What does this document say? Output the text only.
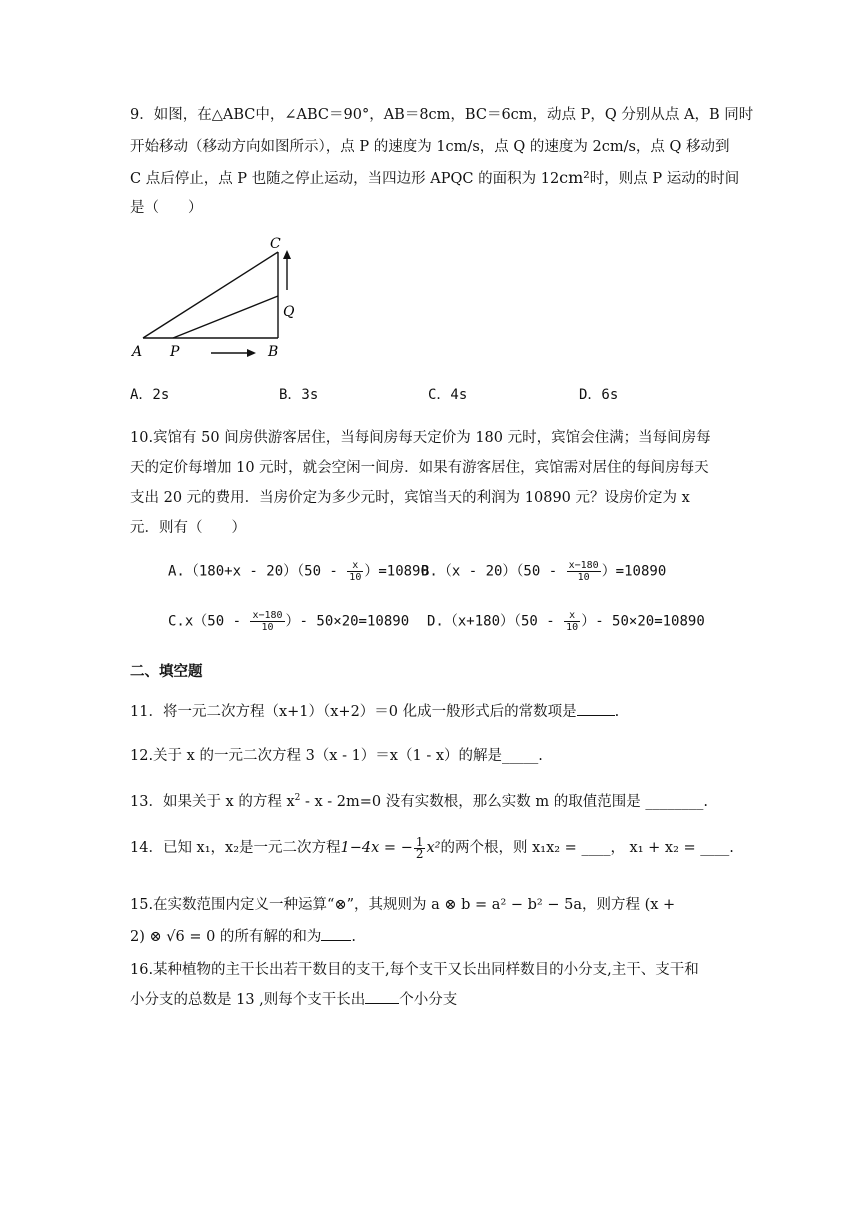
9．如图，在△ABC中，∠ABC＝90°，AB＝8cm，BC＝6cm，动点 P，Q 分别从点 A，B 同时
开始移动（移动方向如图所示），点 P 的速度为 1cm/s，点 Q 的速度为 2cm/s，点 Q 移动到
C 点后停止，点 P 也随之停止运动，当四边形 APQC 的面积为 12cm²时，则点 P 运动的时间
是（　　）
A P	B
C
Q
A．2s	B．3s	C．4s	D．6s
10.宾馆有 50 间房供游客居住，当每间房每天定价为 180 元时，宾馆会住满；当每间房每
天的定价每增加 10 元时，就会空闲一间房．如果有游客居住，宾馆需对居住的每间房每天
支出 20 元的费用．当房价定为多少元时，宾馆当天的利润为 10890 元？设房价定为 x
元．则有（　　）
$A.(180+x - 20)(50 - \frac{x}{10} )=10890$
$B.(x - 20)(50 - \frac{x-180}{10} )=10890$
$C.x(50 - \frac{x-180}{10}$ ）- 50×20=10890 $D.(x+180)(50 - \frac{x}{10}$ ）- 50×20=10890
二、填空题
11．将一元二次方程（x+1）（x+2）＝0 化成一般形式后的常数项是	.
12.关于 x 的一元二次方程 3（x - 1）＝x（1 - x）的解是_____.
13．如果关于 x 的方程 $x^2 - x - 2m=0$ 没有实数根，那么实数 m 的取值范围是 ________.
14．已知 x₁，x₂是一元二次方程1−4x = − $\frac{1}{2} x^2$的两个根，则 x₁x₂ = ____， x₁ + x₂ = ____.
15.在实数范围内定义一种运算“⊗”，其规则为 a ⊗ b = a² − b² − 5a，则方程 (x +
2) ⊗ √6 = 0 的所有解的和为 .
16.某种植物的主干长出若干数目的支干,每个支干又长出同样数目的小分支,主干、支干和
小分支的总数是 13 ,则每个支干长出 个小分支
